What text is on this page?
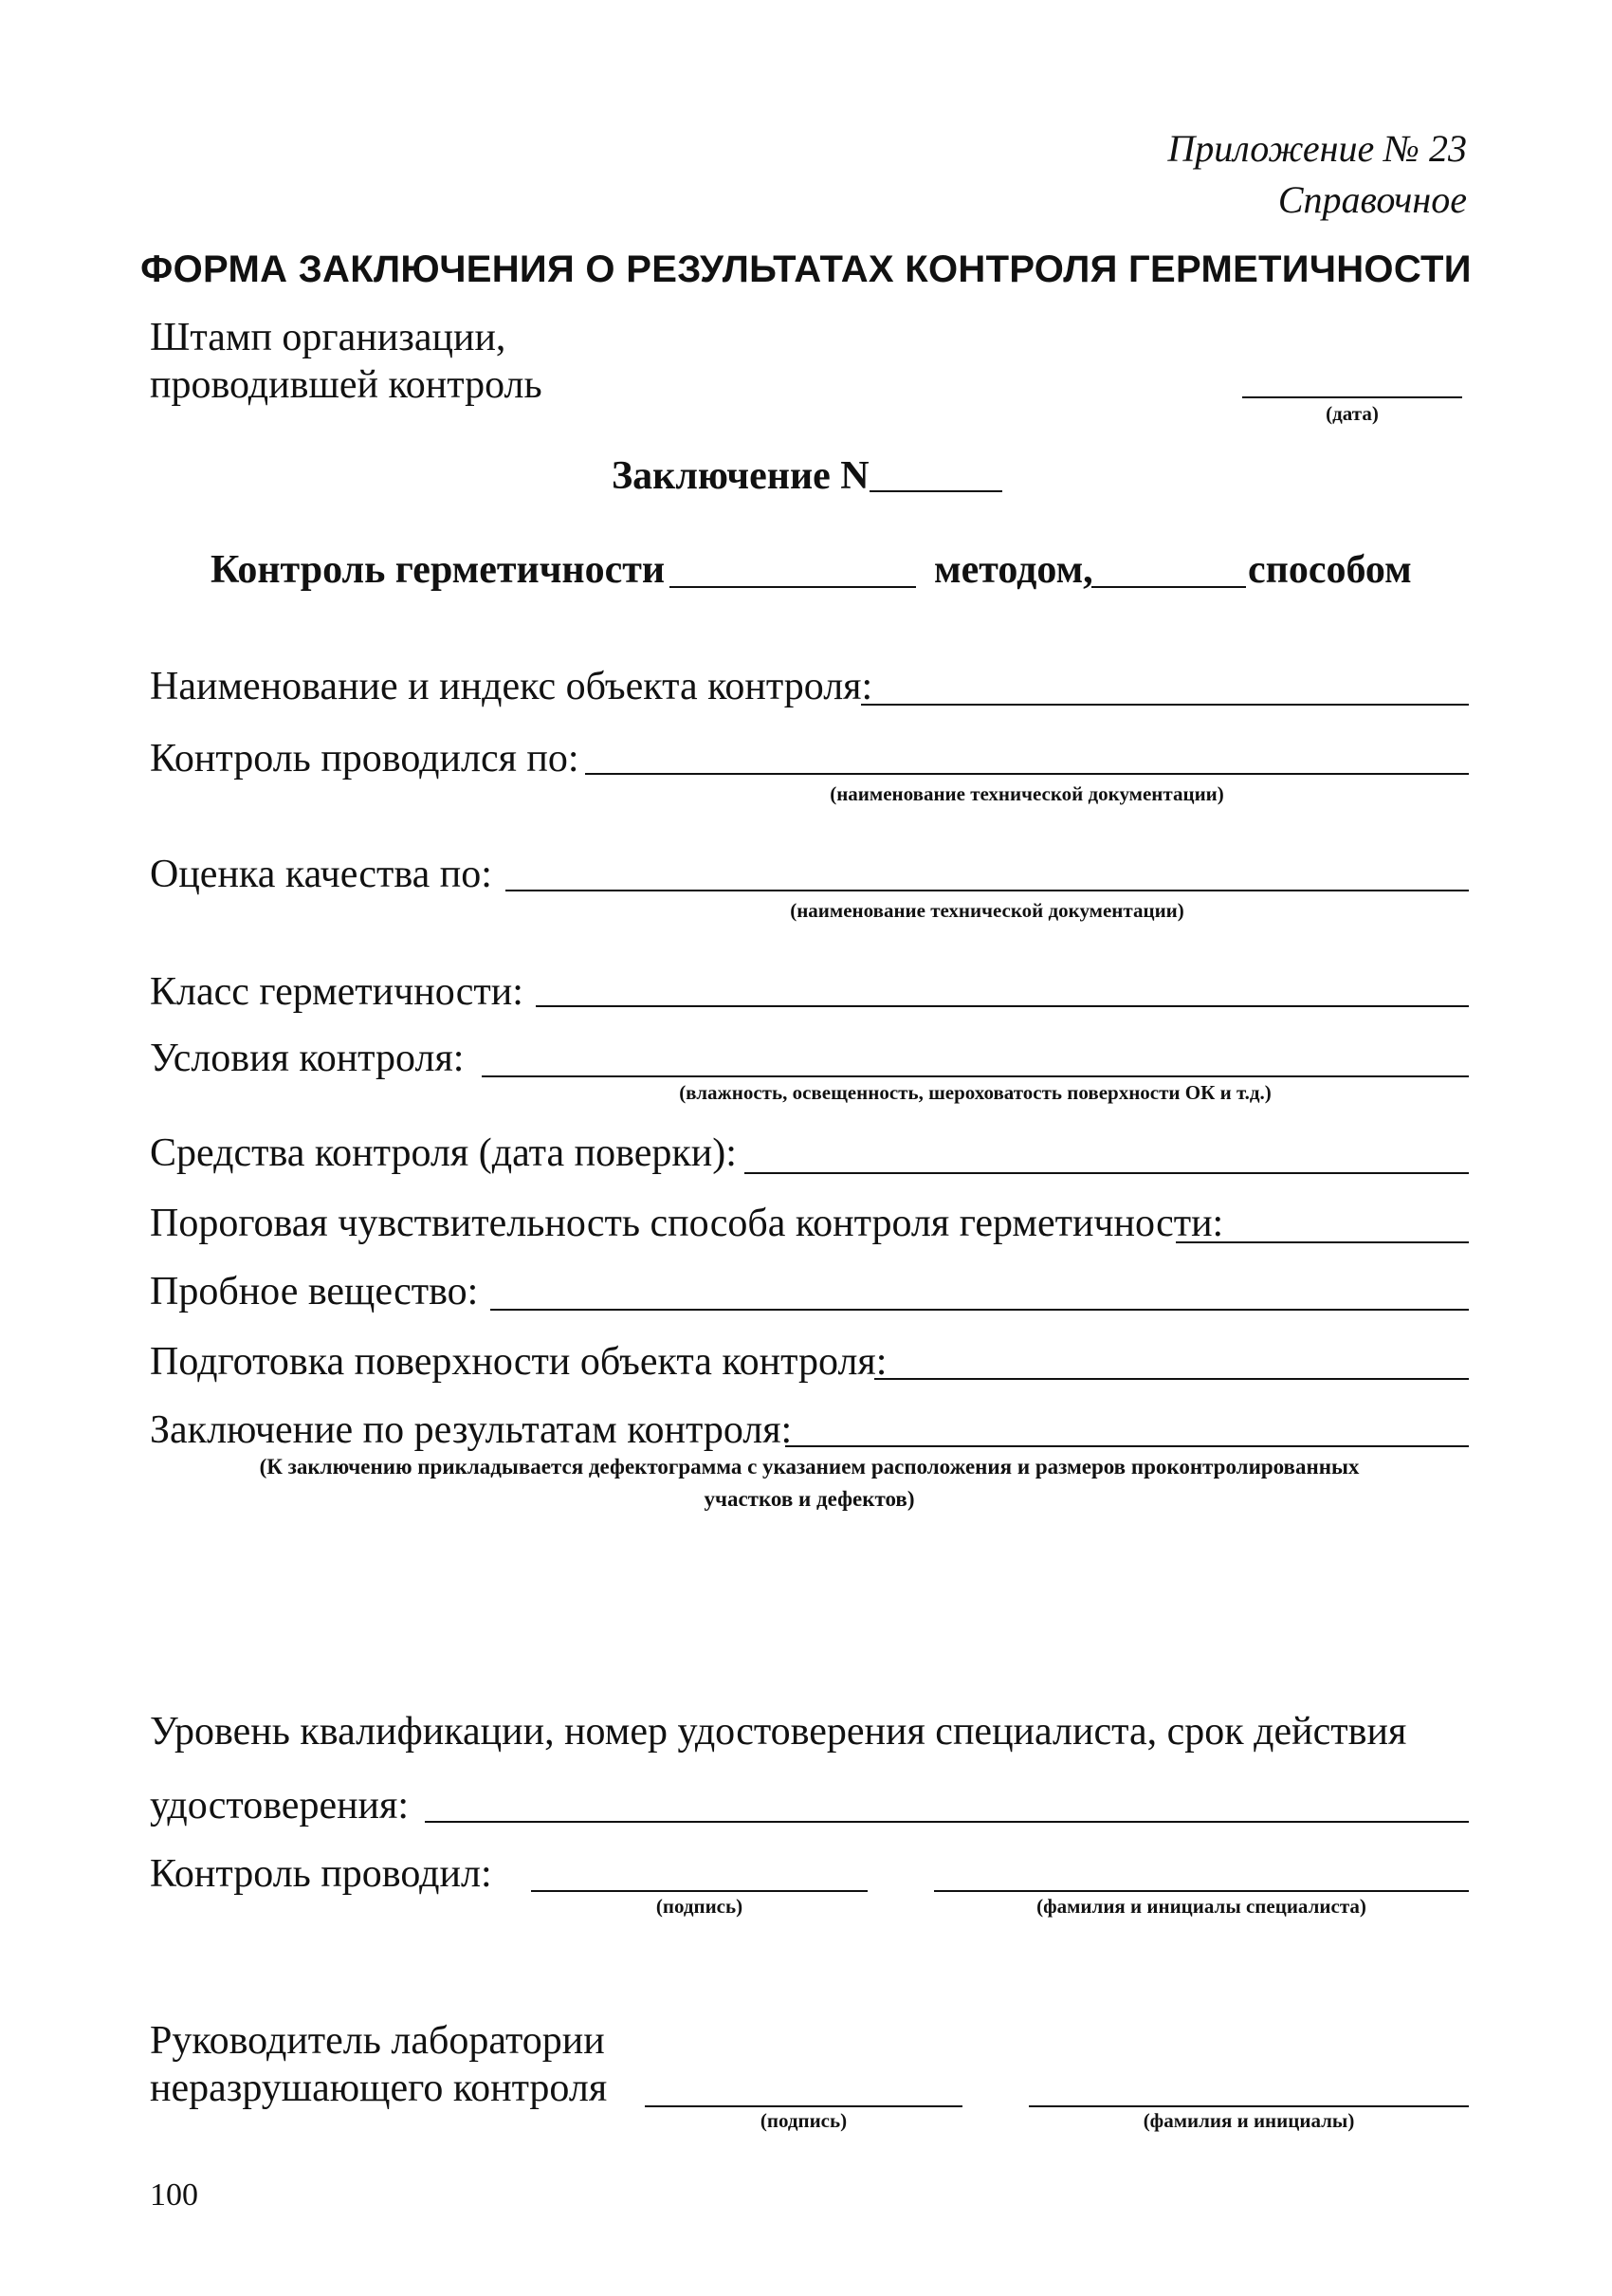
Приложение № 23
Справочное
ФОРМА ЗАКЛЮЧЕНИЯ О РЕЗУЛЬТАТАХ КОНТРОЛЯ ГЕРМЕТИЧНОСТИ
Штамп организации,
проводившей контроль
(дата)
Заключение N
Контроль герметичности	методом,	способом
Наименование и индекс объекта контроля:
Контроль проводился по:
(наименование технической документации)
Оценка качества по:
(наименование технической документации)
Класс герметичности:
Условия контроля:
(влажность, освещенность, шероховатость поверхности ОК и т.д.)
Средства контроля (дата поверки):
Пороговая чувствительность способа контроля герметичности:
Пробное вещество:
Подготовка поверхности объекта контроля:
Заключение по результатам контроля:
(К заключению прикладывается дефектограмма с указанием расположения и размеров проконтролированных
участков и дефектов)
Уровень квалификации, номер удостоверения специалиста, срок действия
удостоверения:
Контроль проводил:
(подпись)	(фамилия и инициалы специалиста)
Руководитель лаборатории
неразрушающего контроля
(подпись)	(фамилия и инициалы)
100
